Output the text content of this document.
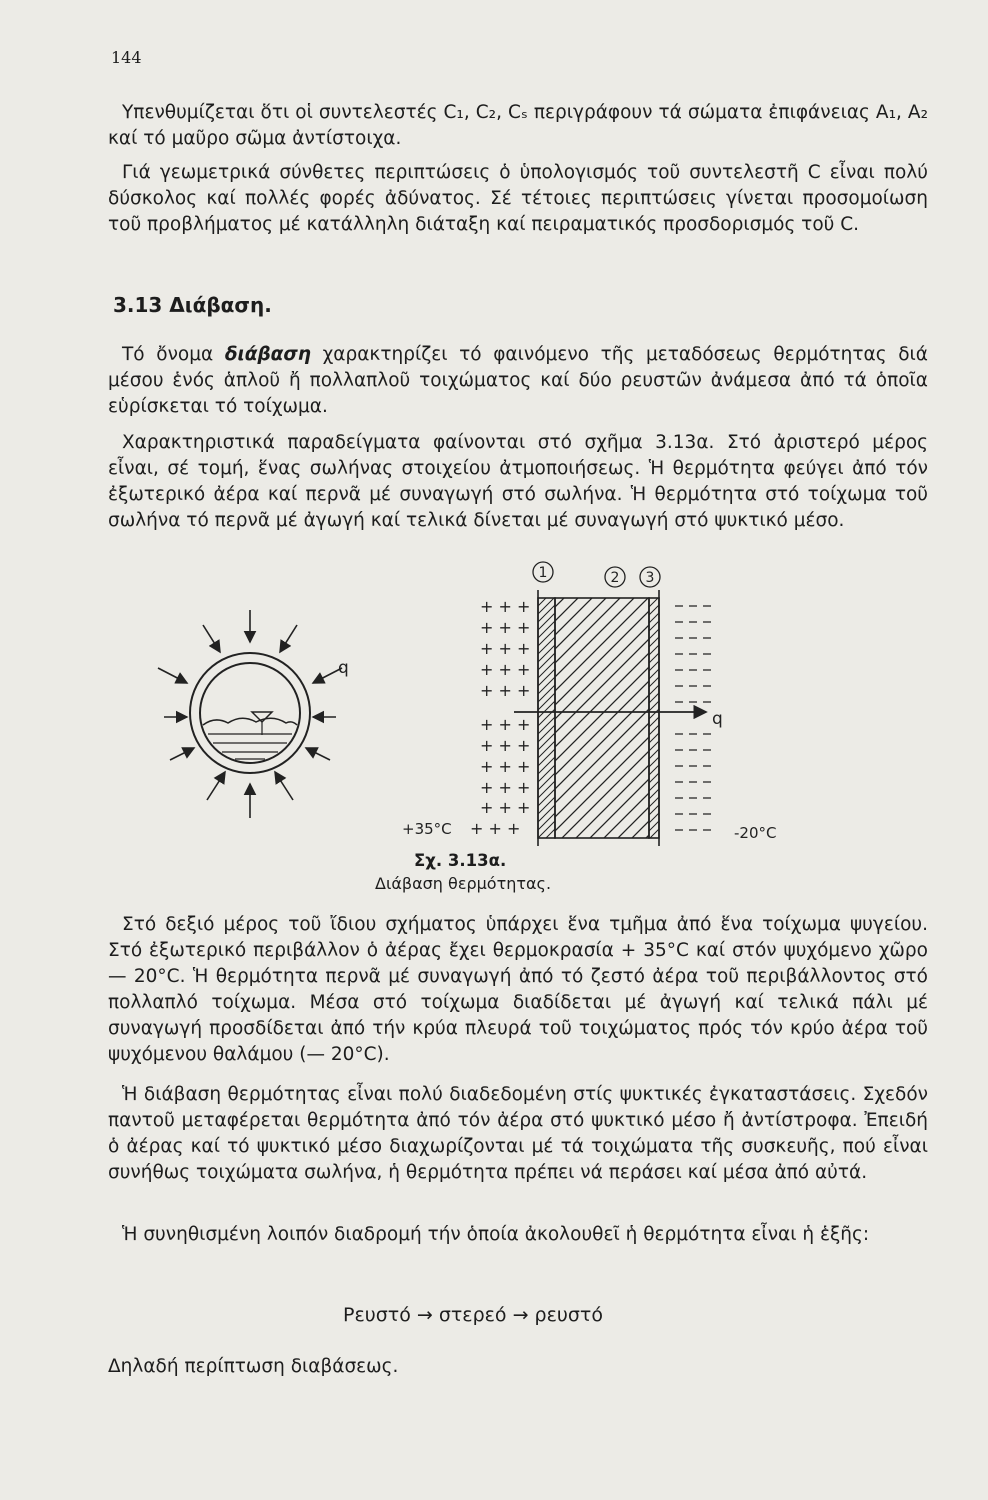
144

Υπενθυμίζεται ὅτι οἱ συντελεστές C₁, C₂, Cₛ περιγράφουν τά σώματα ἐπιφάνειας A₁, A₂ καί τό μαῦρο σῶμα ἀντίστοιχα.

Γιά γεωμετρικά σύνθετες περιπτώσεις ὁ ὑπολογισμός τοῦ συντελεστῆ C εἶναι πολύ δύσκολος καί πολλές φορές ἀδύνατος. Σέ τέτοιες περιπτώσεις γίνεται προσομοίωση τοῦ προβλήματος μέ κατάλληλη διάταξη καί πειραματικός προσδορισμός τοῦ C.

3.13 Διάβαση.

Τό ὄνομα διάβαση χαρακτηρίζει τό φαινόμενο τῆς μεταδόσεως θερμότητας διά μέσου ἑνός ἁπλοῦ ἤ πολλαπλοῦ τοιχώματος καί δύο ρευστῶν ἀνάμεσα ἀπό τά ὁποῖα εὑρίσκεται τό τοίχωμα.

Χαρακτηριστικά παραδείγματα φαίνονται στό σχῆμα 3.13α. Στό ἀριστερό μέρος εἶναι, σέ τομή, ἕνας σωλήνας στοιχείου ἀτμοποιήσεως. Ἡ θερμότητα φεύγει ἀπό τόν ἐξωτερικό ἀέρα καί περνᾶ μέ συναγωγή στό σωλήνα. Ἡ θερμότητα στό τοίχωμα τοῦ σωλήνα τό περνᾶ μέ ἀγωγή καί τελικά δίνεται μέ συναγωγή στό ψυκτικό μέσο.

q
1	2 3
+ + +
+ + +
+ + +
+ + +
+ + +
+ + +
+ + +
+ + +
+ + +
+ + +
+ + +
q
+35°C	-20°C
Σχ. 3.13α.
Διάβαση θερμότητας.

Στό δεξιό μέρος τοῦ ἴδιου σχήματος ὑπάρχει ἕνα τμῆμα ἀπό ἕνα τοίχωμα ψυγείου. Στό ἐξωτερικό περιβάλλον ὁ ἀέρας ἔχει θερμοκρασία + 35°C καί στόν ψυχόμενο χῶρο — 20°C. Ἡ θερμότητα περνᾶ μέ συναγωγή ἀπό τό ζεστό ἀέρα τοῦ περιβάλλοντος στό πολλαπλό τοίχωμα. Μέσα στό τοίχωμα διαδίδεται μέ ἀγωγή καί τελικά πάλι μέ συναγωγή προσδίδεται ἀπό τήν κρύα πλευρά τοῦ τοιχώματος πρός τόν κρύο ἀέρα τοῦ ψυχόμενου θαλάμου (— 20°C).

Ἡ διάβαση θερμότητας εἶναι πολύ διαδεδομένη στίς ψυκτικές ἐγκαταστάσεις. Σχεδόν παντοῦ μεταφέρεται θερμότητα ἀπό τόν ἀέρα στό ψυκτικό μέσο ἤ ἀντίστροφα. Ἐπειδή ὁ ἀέρας καί τό ψυκτικό μέσο διαχωρίζονται μέ τά τοιχώματα τῆς συσκευῆς, πού εἶναι συνήθως τοιχώματα σωλήνα, ἡ θερμότητα πρέπει νά περάσει καί μέσα ἀπό αὐτά.

Ἡ συνηθισμένη λοιπόν διαδρομή τήν ὁποία ἀκολουθεῖ ἡ θερμότητα εἶναι ἡ ἑξῆς:

Ρευστό → στερεό → ρευστό

Δηλαδή περίπτωση διαβάσεως.
